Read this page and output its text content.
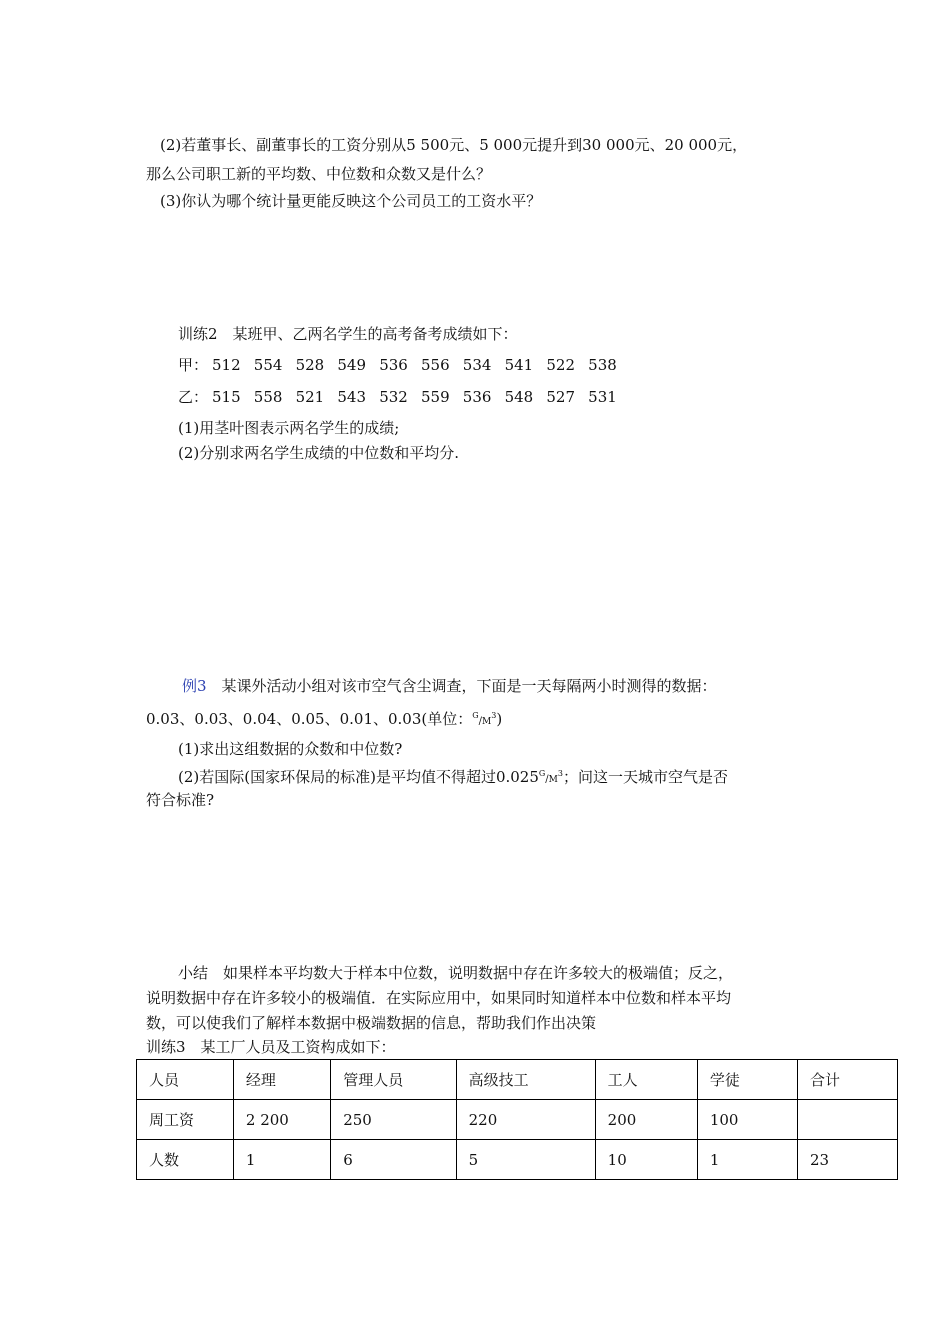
(2)若董事长、副董事长的工资分别从5 500元、5 000元提升到30 000元、20 000元，
那么公司职工新的平均数、中位数和众数又是什么？
(3)你认为哪个统计量更能反映这个公司员工的工资水平？
训练2　某班甲、乙两名学生的高考备考成绩如下：
甲： 512 554 528 549 536 556 534 541 522 538
乙： 515 558 521 543 532 559 536 548 527 531
(1)用茎叶图表示两名学生的成绩;
(2)分别求两名学生成绩的中位数和平均分.
例3　某课外活动小组对该市空气含尘调查，下面是一天每隔两小时测得的数据：
0.03、0.03、0.04、0.05、0.01、0.03(单位：$^G/M^3$)
(1)求出这组数据的众数和中位数?
(2)若国际(国家环保局的标准)是平均值不得超过$0.025^G/M^3$；问这一天城市空气是否
符合标准?
小结　如果样本平均数大于样本中位数，说明数据中存在许多较大的极端值；反之，
说明数据中存在许多较小的极端值．在实际应用中，如果同时知道样本中位数和样本平均
数，可以使我们了解样本数据中极端数据的信息，帮助我们作出决策
训练3　某工厂人员及工资构成如下：
人员	经理	管理人员	高级技工	工人	学徒	合计
周工资	2 200	250	220	200	100	
人数	1	6	5	10	1	23
